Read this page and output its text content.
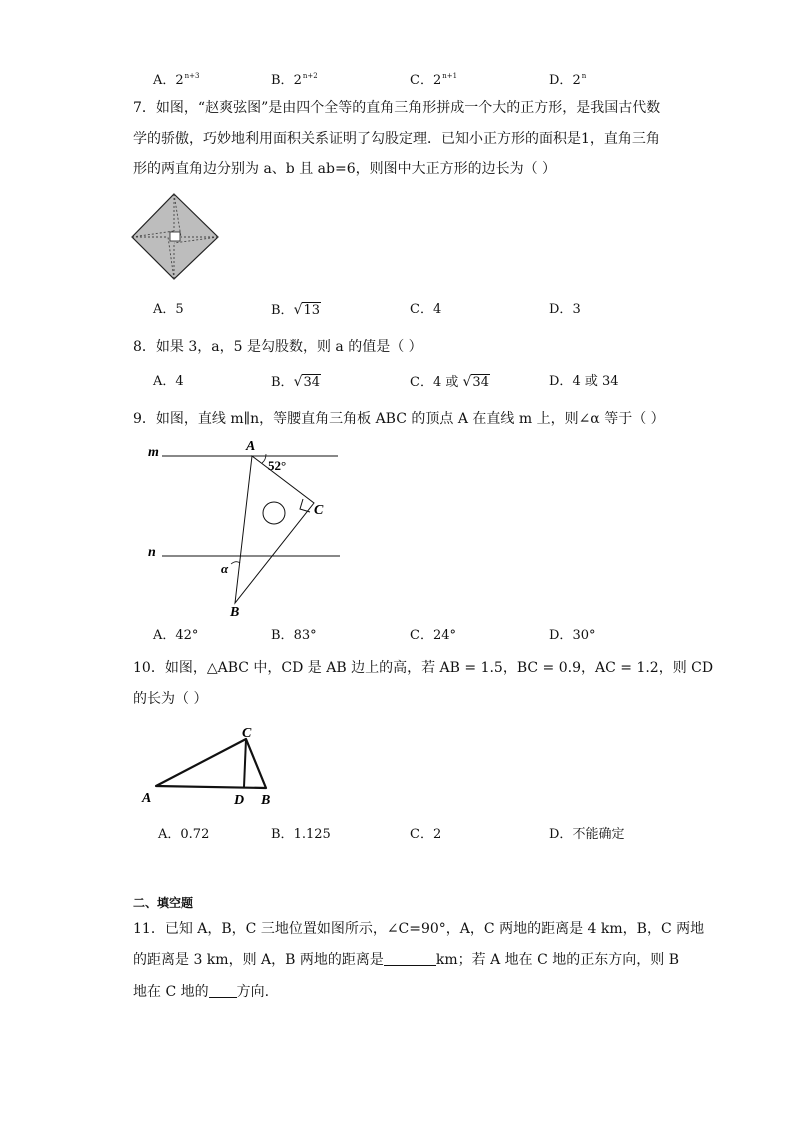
A．$2^{n+3}$	B．$2^{n+2}$	C．$2^{n+1}$	D．2$^n$
7．如图，“赵爽弦图”是由四个全等的直角三角形拼成一个大的正方形，是我国古代数
学的骄傲，巧妙地利用面积关系证明了勾股定理．已知小正方形的面积是1，直角三角
形的两直角边分别为 a、b 且 ab=6，则图中大正方形的边长为（ ）
A．5	B．√13	C．4	D．3
8．如果 3，a，5 是勾股数，则 a 的值是（ ）
A．4	B．√34	C．4 或 √34	D．4 或 34
9．如图，直线 m∥n，等腰直角三角板 ABC 的顶点 A 在直线 m 上，则∠α 等于（ ）
m
n
A
C
B
52°
α
A．42°	B．83°	C．24°	D．30°
10．如图，△ABC 中，CD 是 AB 边上的高，若 AB = 1.5，BC = 0.9，AC = 1.2，则 CD
的长为（ ）
A
C
D B
A．0.72	B．1.125	C．2	D．不能确定
二、填空题
11．已知 A，B，C 三地位置如图所示，∠C=90°，A，C 两地的距离是 4 km，B，C 两地
的距离是 3 km，则 A，B 两地的距离是	km；若 A 地在 C 地的正东方向，则 B
地在 C 地的 方向.
